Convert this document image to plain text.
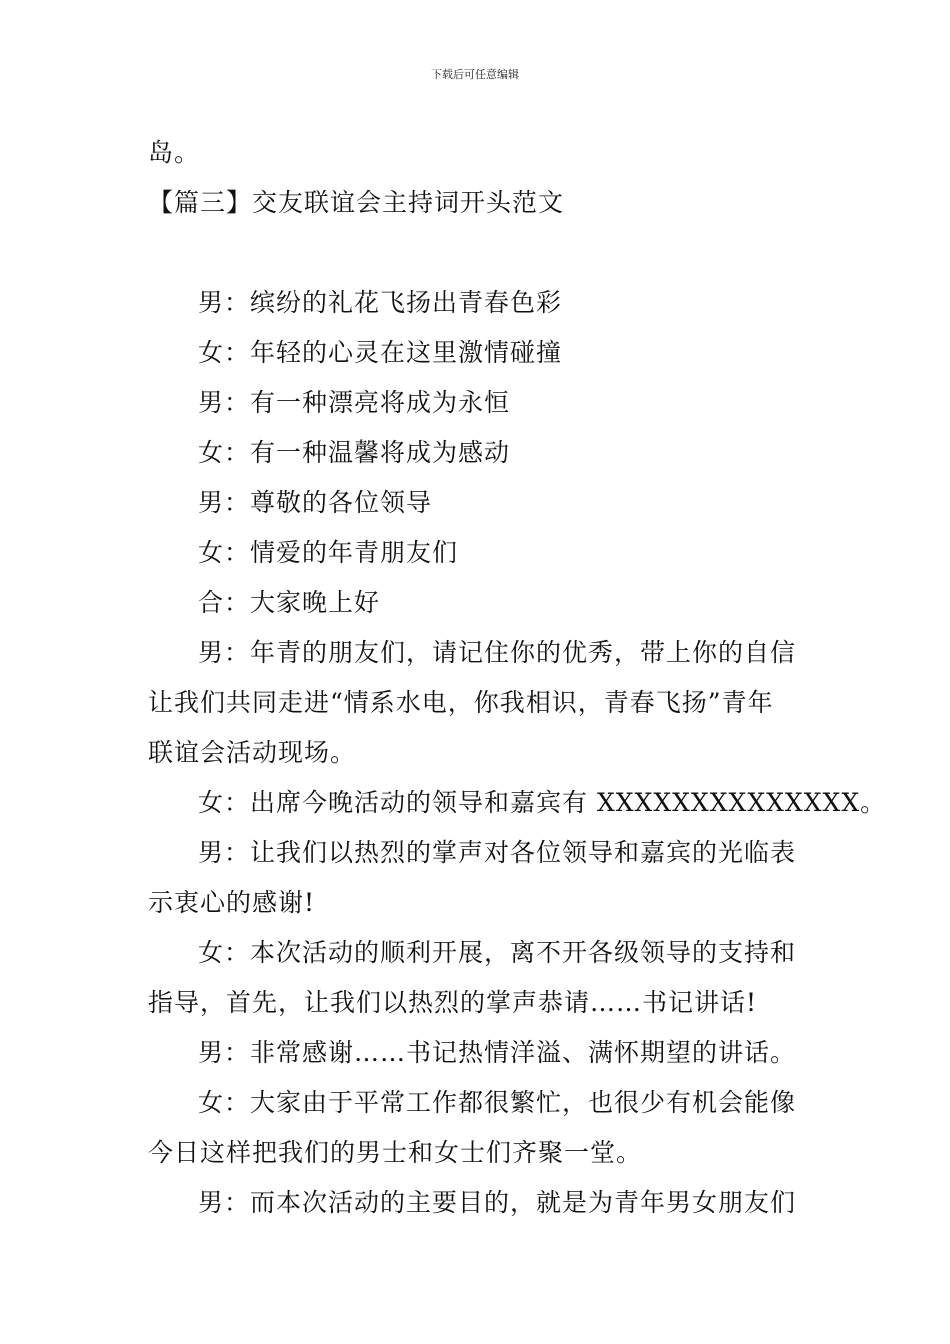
下载后可任意编辑
岛。
【篇三】交友联谊会主持词开头范文
男：缤纷的礼花飞扬出青春色彩
女：年轻的心灵在这里激情碰撞
男：有一种漂亮将成为永恒
女：有一种温馨将成为感动
男：尊敬的各位领导
女：情爱的年青朋友们
合：大家晚上好
男：年青的朋友们，请记住你的优秀，带上你的自信
让我们共同走进“情系水电，你我相识，青春飞扬”青年
联谊会活动现场。
女：出席今晚活动的领导和嘉宾有 XXXXXXXXXXXXXX。
男：让我们以热烈的掌声对各位领导和嘉宾的光临表
示衷心的感谢!
女：本次活动的顺利开展，离不开各级领导的支持和
指导，首先，让我们以热烈的掌声恭请……书记讲话!
男：非常感谢……书记热情洋溢、满怀期望的讲话。
女：大家由于平常工作都很繁忙，也很少有机会能像
今日这样把我们的男士和女士们齐聚一堂。
男：而本次活动的主要目的，就是为青年男女朋友们
